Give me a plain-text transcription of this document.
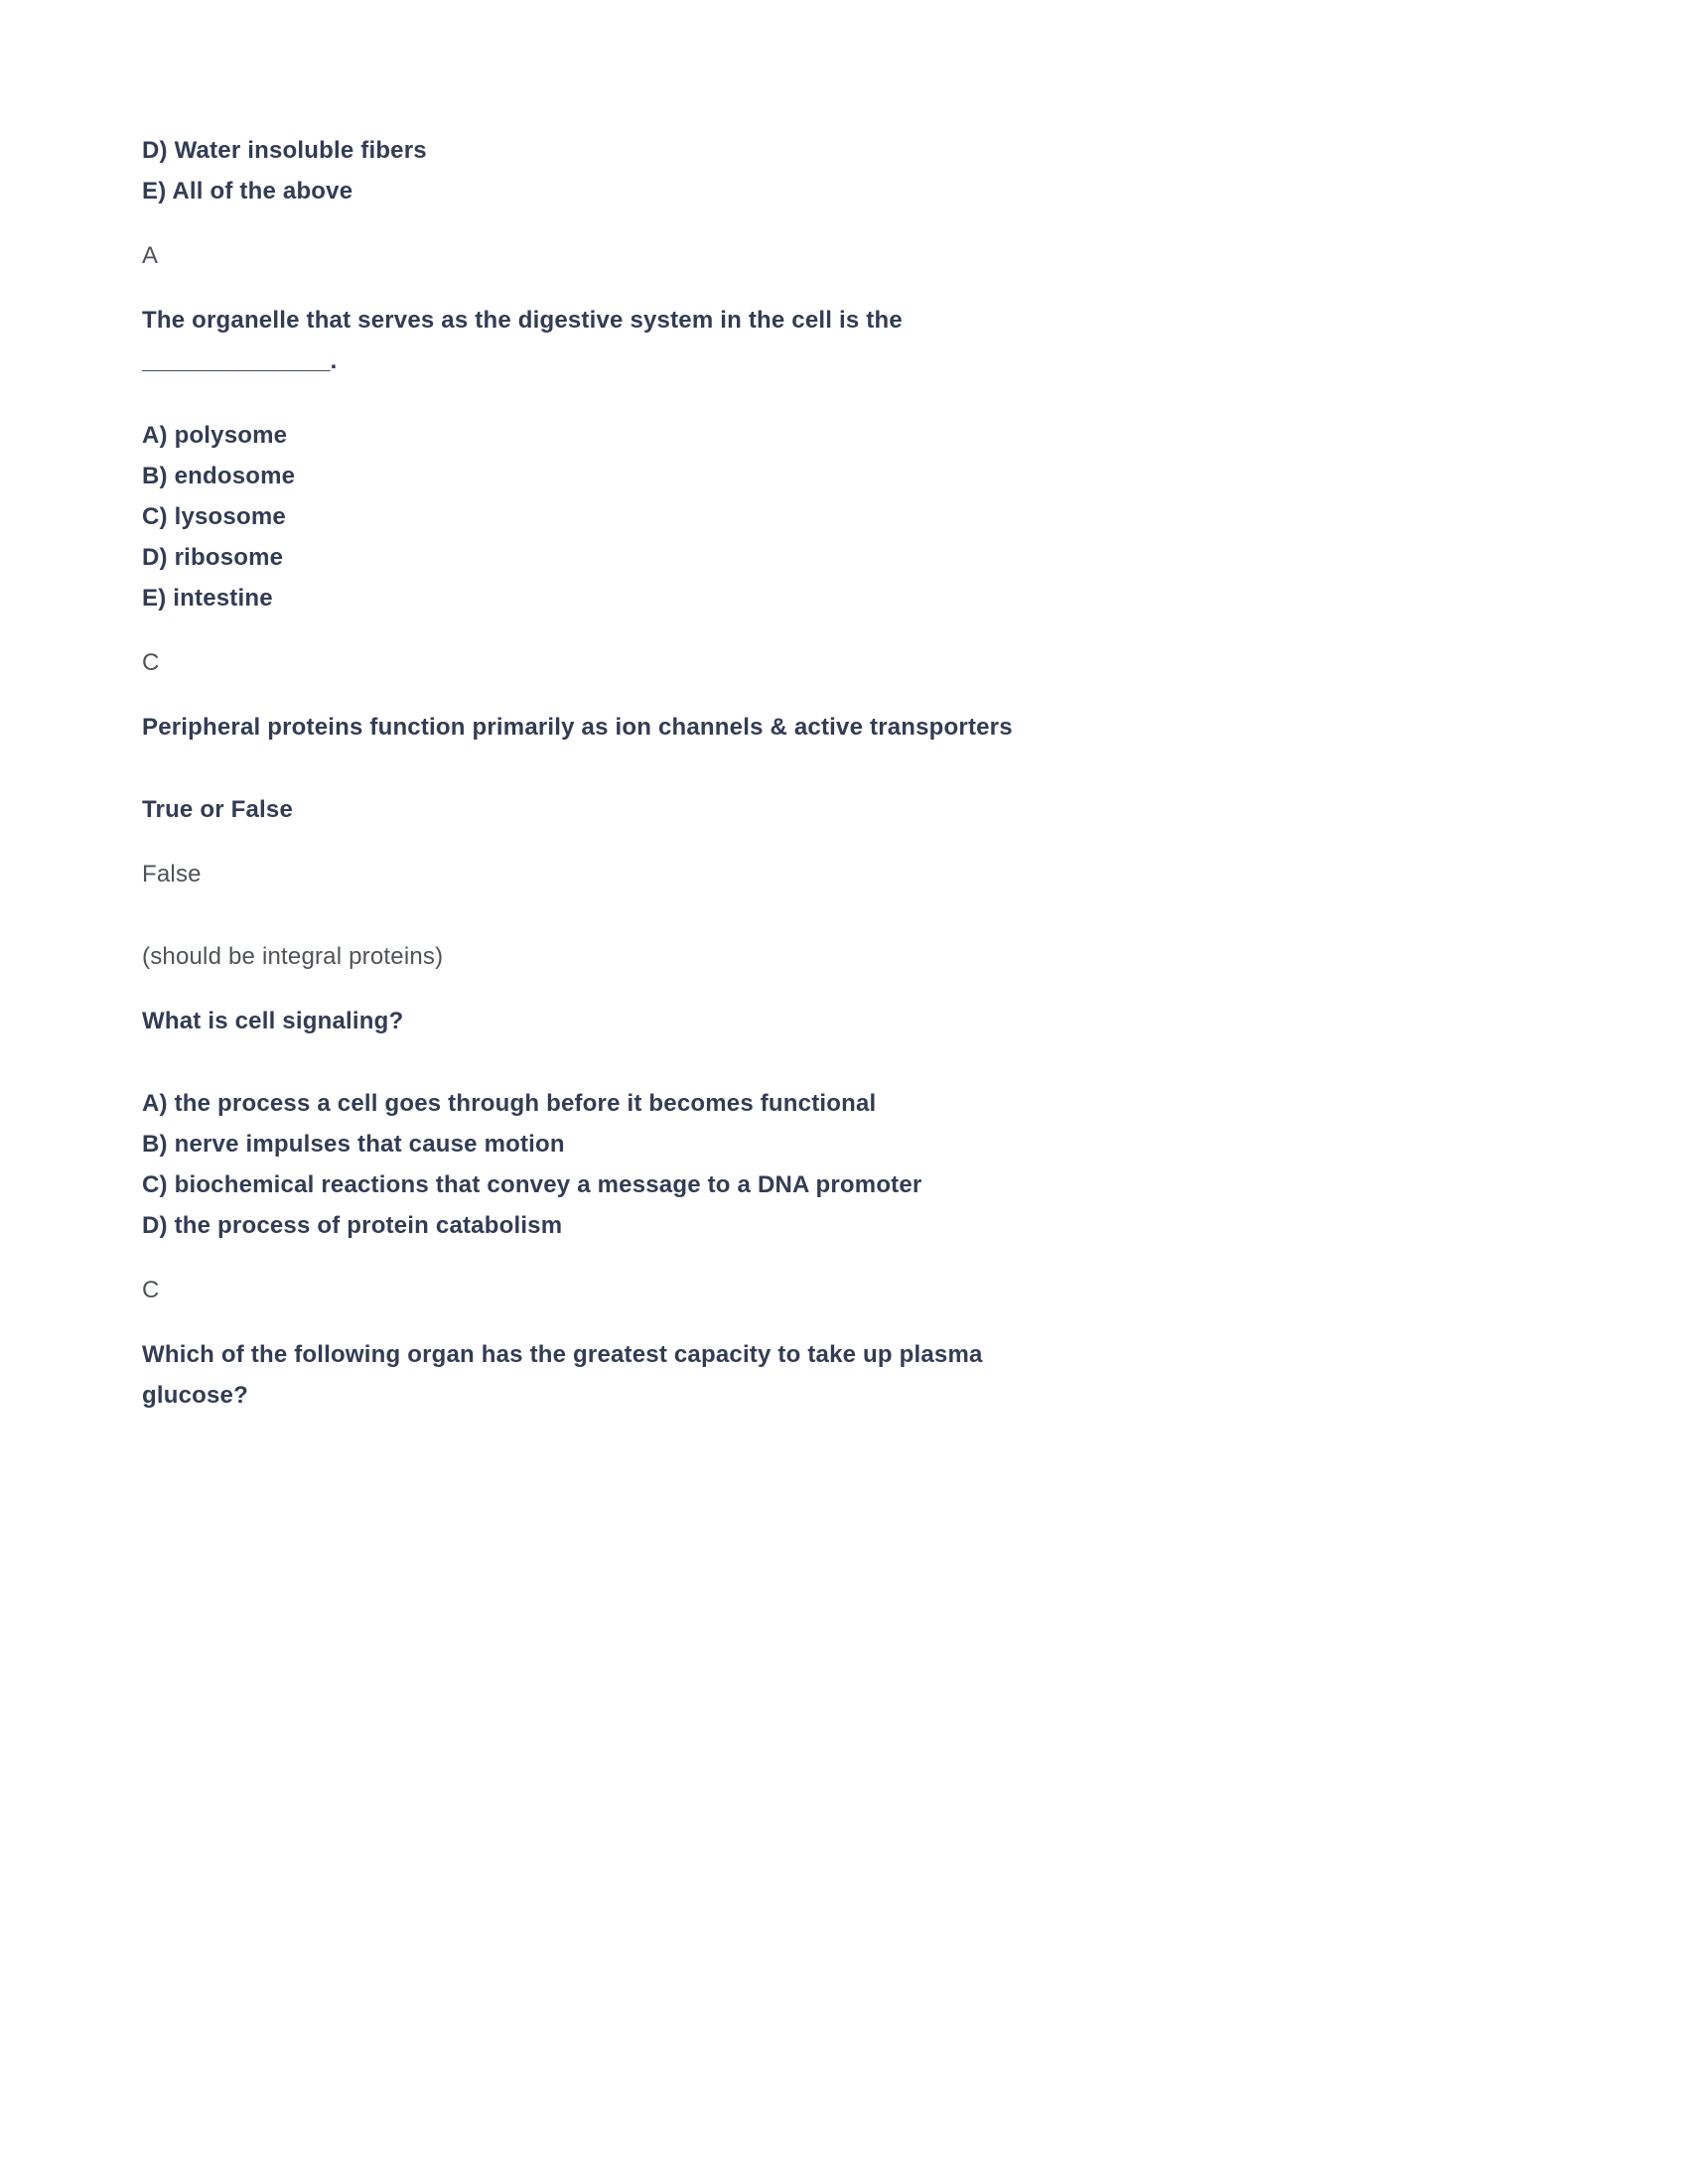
D) Water insoluble fibers
E) All of the above
A
The organelle that serves as the digestive system in the cell is the
______________.
A) polysome
B) endosome
C) lysosome
D) ribosome
E) intestine
C
Peripheral proteins function primarily as ion channels & active transporters
True or False
False
(should be integral proteins)
What is cell signaling?
A) the process a cell goes through before it becomes functional
B) nerve impulses that cause motion
C) biochemical reactions that convey a message to a DNA promoter
D) the process of protein catabolism
C
Which of the following organ has the greatest capacity to take up plasma
glucose?
